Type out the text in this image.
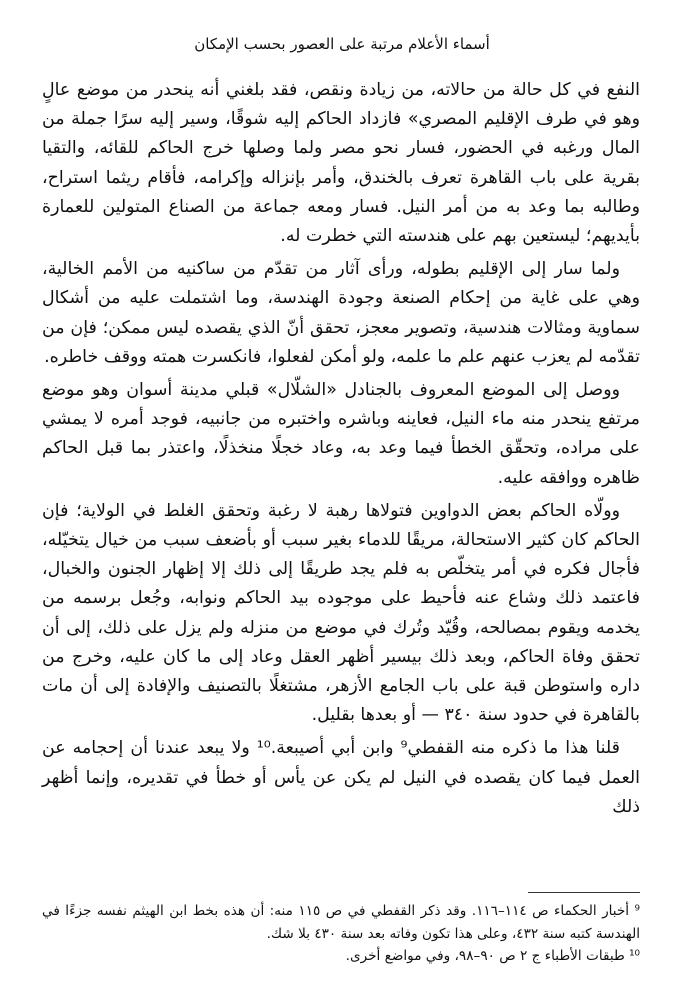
أسماء الأعلام مرتبة على العصور بحسب الإمكان

النفع في كل حالة من حالاته، من زيادة ونقص، فقد بلغني أنه ينحدر من موضع عالٍ وهو في طرف الإقليم المصري» فازداد الحاكم إليه شوقًا، وسير إليه سرًا جملة من المال ورغبه في الحضور، فسار نحو مصر ولما وصلها خرج الحاكم للقائه، والتقيا بقرية على باب القاهرة تعرف بالخندق، وأمر بإنزاله وإكرامه، فأقام ريثما استراح، وطالبه بما وعد به من أمر النيل. فسار ومعه جماعة من الصناع المتولين للعمارة بأيديهم؛ ليستعين بهم على هندسته التي خطرت له.

ولما سار إلى الإقليم بطوله، ورأى آثار من تقدّم من ساكنيه من الأمم الخالية، وهي على غاية من إحكام الصنعة وجودة الهندسة، وما اشتملت عليه من أشكال سماوية ومثالات هندسية، وتصوير معجز، تحقق أنّ الذي يقصده ليس ممكن؛ فإن من تقدّمه لم يعزب عنهم علم ما علمه، ولو أمكن لفعلوا، فانكسرت همته ووقف خاطره.

ووصل إلى الموضع المعروف بالجنادل «الشلّال» قبلي مدينة أسوان وهو موضع مرتفع ينحدر منه ماء النيل، فعاينه وباشره واختبره من جانبيه، فوجد أمره لا يمشي على مراده، وتحقّق الخطأ فيما وعد به، وعاد خجلًا منخذلًا، واعتذر بما قبل الحاكم ظاهره ووافقه عليه.

وولّاه الحاكم بعض الدواوين فتولاها رهبة لا رغبة وتحقق الغلط في الولاية؛ فإن الحاكم كان كثير الاستحالة، مريقًا للدماء بغير سبب أو بأضعف سبب من خيال يتخيّله، فأجال فكره في أمر يتخلّص به فلم يجد طريقًا إلى ذلك إلا إظهار الجنون والخبال، فاعتمد ذلك وشاع عنه فأحيط على موجوده بيد الحاكم ونوابه، وجُعل برسمه من يخدمه ويقوم بمصالحه، وقُيّد وتُرك في موضع من منزله ولم يزل على ذلك، إلى أن تحقق وفاة الحاكم، وبعد ذلك بيسير أظهر العقل وعاد إلى ما كان عليه، وخرج من داره واستوطن قبة على باب الجامع الأزهر، مشتغلًا بالتصنيف والإفادة إلى أن مات بالقاهرة في حدود سنة ٣٤٠ — أو بعدها بقليل.

قلنا هذا ما ذكره منه القفطي⁹ وابن أبي أصيبعة.¹⁰ ولا يبعد عندنا أن إحجامه عن العمل فيما كان يقصده في النيل لم يكن عن يأس أو خطأ في تقديره، وإنما أظهر ذلك

⁹ أخبار الحكماء ص ١١٤–١١٦. وقد ذكر القفطي في ص ١١٥ منه: أن هذه بخط ابن الهيثم نفسه جزءًا في الهندسة كتبه سنة ٤٣٢، وعلى هذا تكون وفاته بعد سنة ٤٣٠ بلا شك.

¹⁰ طبقات الأطباء ج ٢ ص ٩٠–٩٨، وفي مواضع أخرى.
